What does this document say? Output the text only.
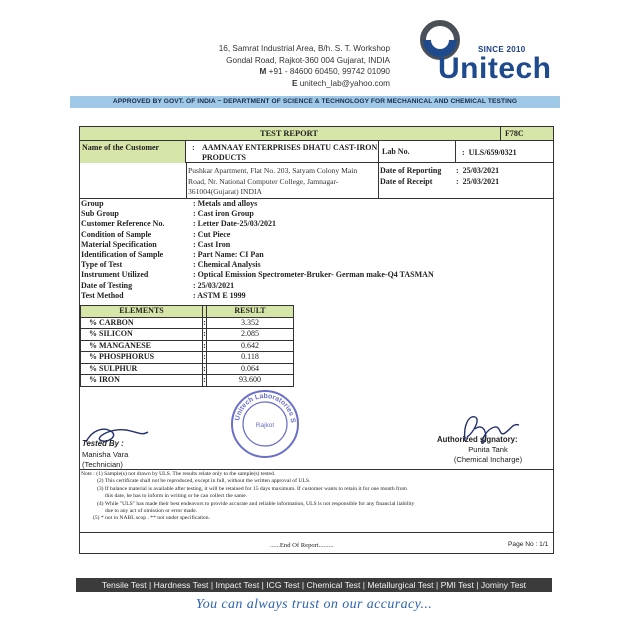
16, Samrat Industrial Area, B/h. S. T. Workshop
Gondal Road, Rajkot-360 004 Gujarat, INDIA
M +91 - 84600 60450, 99742 01090
E unitech_lab@yahoo.com
SINCE 2010
Unitech
APPROVED BY GOVT. OF INDIA ~ DEPARTMENT OF SCIENCE & TECHNOLOGY FOR MECHANICAL AND CHEMICAL TESTING
TEST REPORT	F78C
Name of the Customer	: AAMNAAY ENTERPRISES DHATU CAST-IRON PRODUCTS
Lab No.	:  ULS/659/0321
Pushkar Apartment, Flat No. 203, Satyam Colony Main Road, Nr. National Computer College, Jamnagar-361004(Gujarat) INDIA
Date of Reporting :  25/03/2021
Date of Receipt	:  25/03/2021
Group	: Metals and alloys
Sub Group	: Cast iron Group
Customer Reference No.	: Letter Date-25/03/2021
Condition of Sample	: Cut Piece
Material Specification	: Cast Iron
Identification of Sample	: Part Name: CI Pan
Type of Test	: Chemical Analysis
Instrument Utilized	: Optical Emission Spectrometer-Bruker- German make-Q4 TASMAN
Date of Testing	: 25/03/2021
Test Method	: ASTM E 1999
ELEMENTS		RESULT
% CARBON	:	3.352
% SILICON	:	2.085
% MANGANESE	:	0.642
% PHOSPHORUS	:	0.118
% SULPHUR	:	0.064
% IRON	:	93.600
Unitech Laboratories S
Rajkot
Tested By :
Manisha Vara
(Technician)
Authorized signatory:
Punita Tank
(Chemical Incharge)
Note : (1) Sample(s) not drawn by ULS. The results relate only to the sample(s) tested.
(2) This certificate shall not be reproduced, except in full, without the written approval of ULS.
(3) If balance material is available after testing, it will be retained for 15 days maximum. If customer wants to retain it for one month from
this date, he has to inform in writing or he can collect the same.
(4) While "ULS" has made their best endeavors to provide accurate and reliable information, ULS is not responsible for any financial liability
due to any act of omission or error made.
(5) * not in NABL scop . ** not under specification.
......End Of Report.........	Page No : 1/1
Tensile Test | Hardness Test | Impact Test | ICG Test | Chemical Test | Metallurgical Test | PMI Test | Jominy Test
You can always trust on our accuracy...
